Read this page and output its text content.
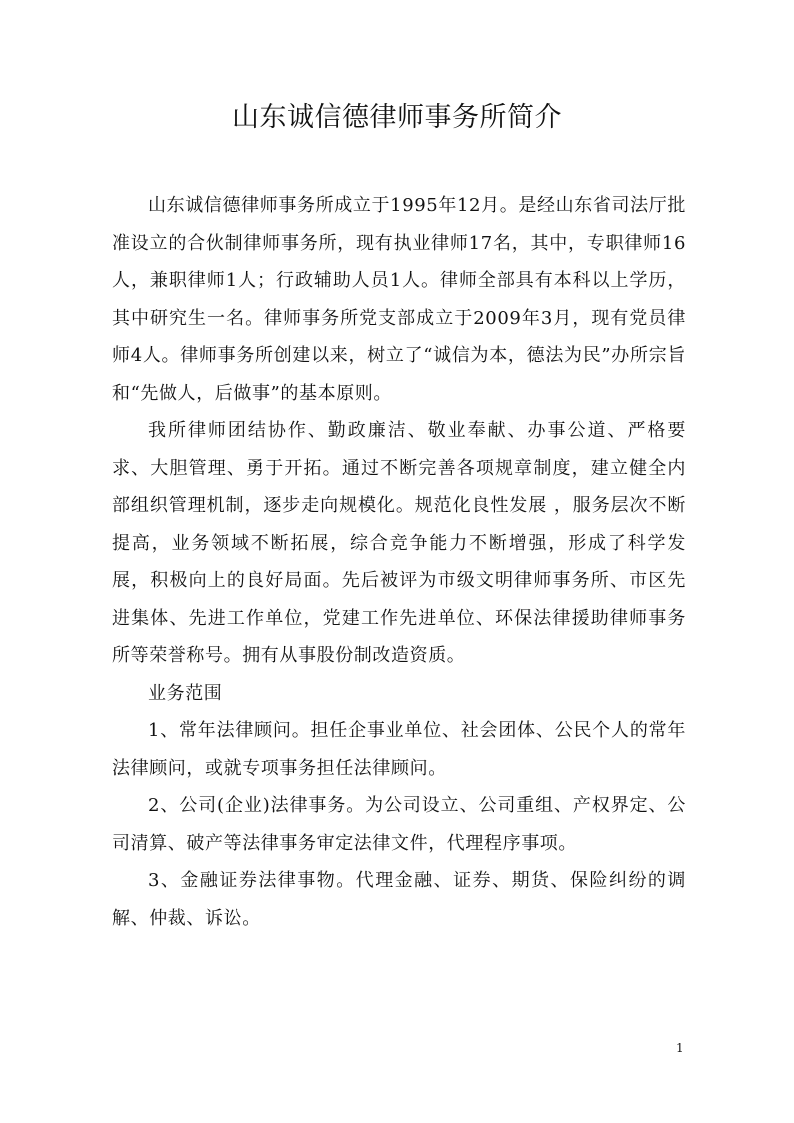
山东诚信德律师事务所简介

山东诚信德律师事务所成立于1995年12月。是经山东省司法厅批准设立的合伙制律师事务所，现有执业律师17名，其中，专职律师16人，兼职律师1人；行政辅助人员1人。律师全部具有本科以上学历，其中研究生一名。律师事务所党支部成立于2009年3月，现有党员律师4人。律师事务所创建以来，树立了“诚信为本，德法为民”办所宗旨和“先做人，后做事”的基本原则。

我所律师团结协作、勤政廉洁、敬业奉献、办事公道、严格要求、大胆管理、勇于开拓。通过不断完善各项规章制度，建立健全内部组织管理机制，逐步走向规模化。规范化良性发展 ，服务层次不断提高，业务领域不断拓展，综合竞争能力不断增强，形成了科学发展，积极向上的良好局面。先后被评为市级文明律师事务所、市区先进集体、先进工作单位，党建工作先进单位、环保法律援助律师事务所等荣誉称号。拥有从事股份制改造资质。

业务范围

1、常年法律顾问。担任企事业单位、社会团体、公民个人的常年法律顾问，或就专项事务担任法律顾问。

2、公司(企业)法律事务。为公司设立、公司重组、产权界定、公司清算、破产等法律事务审定法律文件，代理程序事项。

3、金融证券法律事物。代理金融、证券、期货、保险纠纷的调解、仲裁、诉讼。

1
